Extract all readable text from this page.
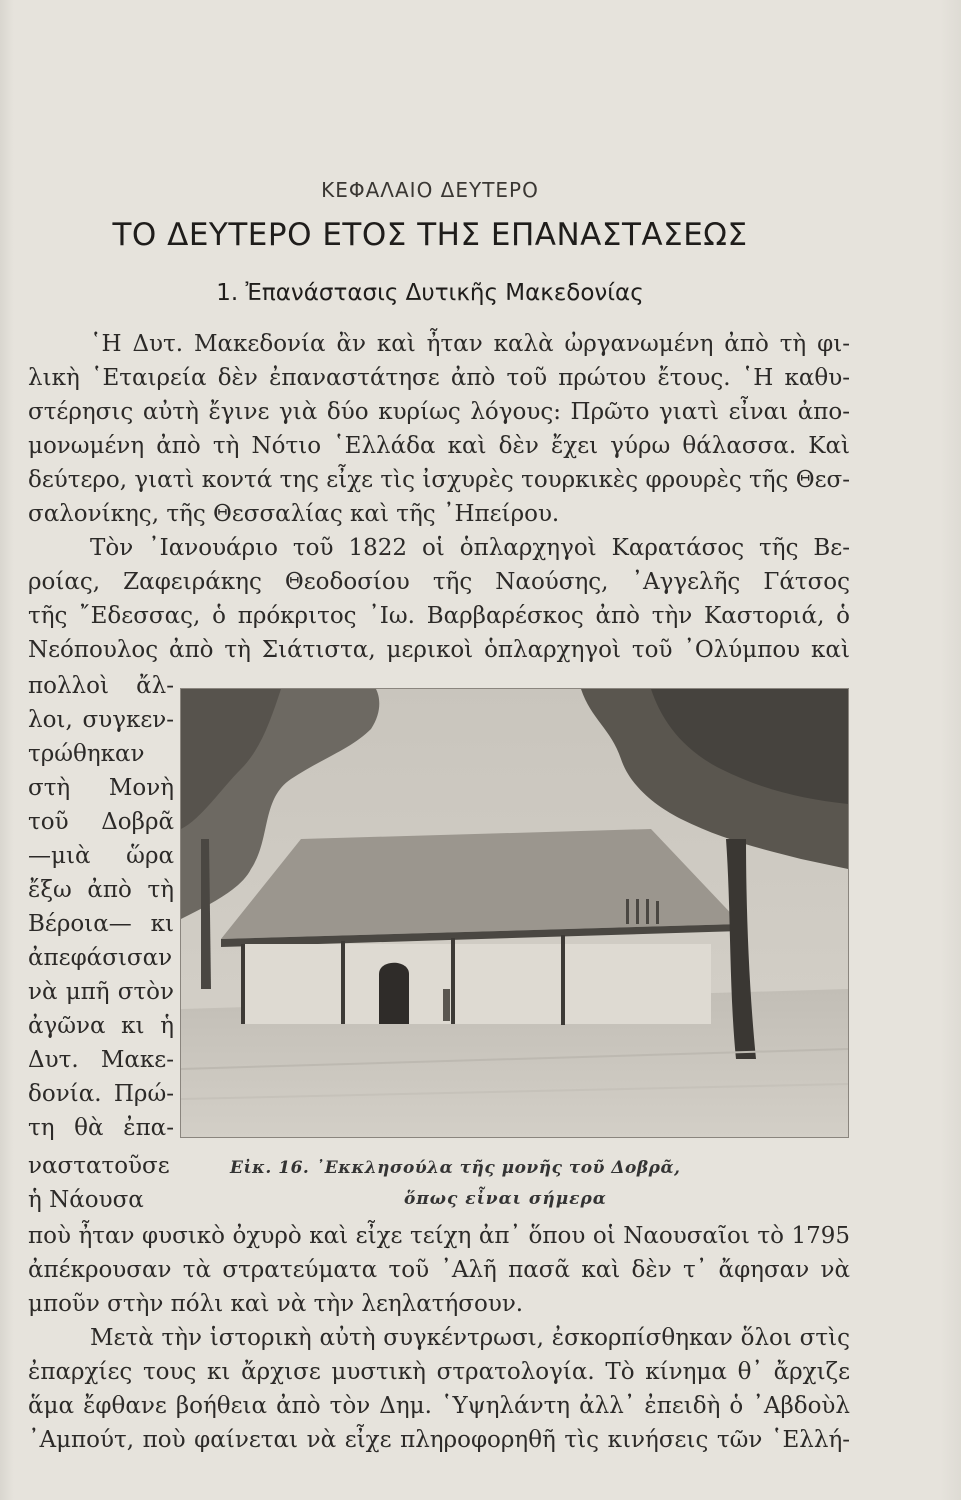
ΚΕΦΑΛΑΙΟ ΔΕΥΤΕΡΟ
ΤΟ ΔΕΥΤΕΡΟ ΕΤΟΣ ΤΗΣ ΕΠΑΝΑΣΤΑΣΕΩΣ
1. Ἐπανάστασις Δυτικῆς Μακεδονίας
῾Η Δυτ. Μακεδονία ἂν καὶ ἦταν καλὰ ὠργανωμένη ἀπὸ τὴ φι-
λικὴ ῾Εταιρεία δὲν ἐπαναστάτησε ἀπὸ τοῦ πρώτου ἔτους. ῾Η καθυ-
στέρησις αὐτὴ ἔγινε γιὰ δύο κυρίως λόγους: Πρῶτο γιατὶ εἶναι ἀπο-
μονωμένη ἀπὸ τὴ Νότιο ῾Ελλάδα καὶ δὲν ἔχει γύρω θάλασσα. Καὶ
δεύτερο, γιατὶ κοντά της εἶχε τὶς ἰσχυρὲς τουρκικὲς φρουρὲς τῆς Θεσ-
σαλονίκης, τῆς Θεσσαλίας καὶ τῆς ᾿Ηπείρου.
Τὸν ᾿Ιανουάριο τοῦ 1822 οἱ ὁπλαρχηγοὶ Καρατάσος τῆς Βε-
ροίας, Ζαφειράκης Θεοδοσίου τῆς Ναούσης, ᾿Αγγελῆς Γάτσος
τῆς ῎Εδεσσας, ὁ πρόκριτος ᾿Ιω. Βαρβαρέσκος ἀπὸ τὴν Καστοριά, ὁ
Νεόπουλος ἀπὸ τὴ Σιάτιστα, μερικοὶ ὁπλαρχηγοὶ τοῦ ᾿Ολύμπου καὶ
πολλοὶ ἄλ-
λοι, συγκεν-
τρώθηκαν
στὴ Μονὴ
τοῦ Δοβρᾶ
—μιὰ ὥρα
ἔξω ἀπὸ τὴ
Βέροια— κι
ἀπεφάσισαν
νὰ μπῆ στὸν
ἀγῶνα κι ἡ
Δυτ. Μακε-
δονία. Πρώ-
τη θὰ ἐπα-
ναστατοῦσε
ἡ Νάουσα
Εἰκ. 16. ᾿Εκκλησούλα τῆς μονῆς τοῦ Δοβρᾶ,
ὅπως εἶναι σήμερα
ποὺ ἦταν φυσικὸ ὀχυρὸ καὶ εἶχε τείχη ἀπ᾿ ὅπου οἱ Ναουσαῖοι τὸ 1795
ἀπέκρουσαν τὰ στρατεύματα τοῦ ᾿Αλῆ πασᾶ καὶ δὲν τ᾿ ἄφησαν νὰ
μποῦν στὴν πόλι καὶ νὰ τὴν λεηλατήσουν.
Μετὰ τὴν ἱστορικὴ αὐτὴ συγκέντρωσι, ἐσκορπίσθηκαν ὅλοι στὶς
ἐπαρχίες τους κι ἄρχισε μυστικὴ στρατολογία. Τὸ κίνημα θ᾿ ἄρχιζε
ἅμα ἔφθανε βοήθεια ἀπὸ τὸν Δημ. ῾Υψηλάντη ἀλλ᾿ ἐπειδὴ ὁ ᾿Αβδοὺλ
᾿Αμπούτ, ποὺ φαίνεται νὰ εἶχε πληροφορηθῆ τὶς κινήσεις τῶν ῾Ελλή-
